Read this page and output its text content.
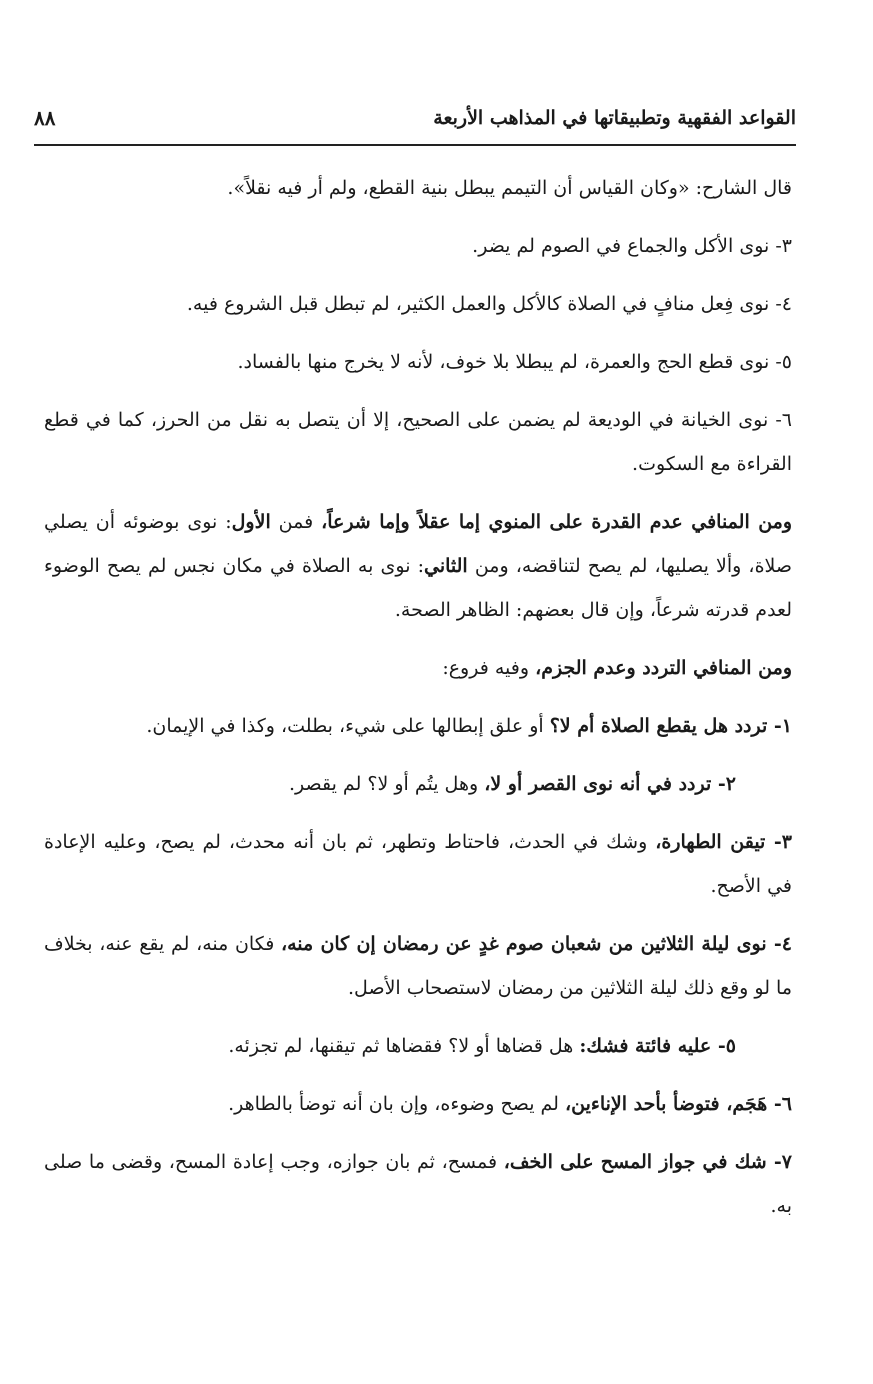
القواعد الفقهية وتطبيقاتها في المذاهب الأربعة
٨٨

قال الشارح: «وكان القياس أن التيمم يبطل بنية القطع، ولم أر فيه نقلاً».

٣- نوى الأكل والجماع في الصوم لم يضر.

٤- نوى فِعل منافٍ في الصلاة كالأكل والعمل الكثير، لم تبطل قبل الشروع فيه.

٥- نوى قطع الحج والعمرة، لم يبطلا بلا خوف، لأنه لا يخرج منها بالفساد.

٦- نوى الخيانة في الوديعة لم يضمن على الصحيح، إلا أن يتصل به نقل من الحرز، كما في قطع القراءة مع السكوت.

ومن المنافي عدم القدرة على المنوي إما عقلاً وإما شرعاً، فمن الأول: نوى بوضوئه أن يصلي صلاة، وألا يصليها، لم يصح لتناقضه، ومن الثاني: نوى به الصلاة في مكان نجس لم يصح الوضوء لعدم قدرته شرعاً، وإن قال بعضهم: الظاهر الصحة.

ومن المنافي التردد وعدم الجزم، وفيه فروع:

١- تردد هل يقطع الصلاة أم لا؟ أو علق إبطالها على شيء، بطلت، وكذا في الإيمان.

٢- تردد في أنه نوى القصر أو لا، وهل يتُم أو لا؟ لم يقصر.

٣- تيقن الطهارة، وشك في الحدث، فاحتاط وتطهر، ثم بان أنه محدث، لم يصح، وعليه الإعادة في الأصح.

٤- نوى ليلة الثلاثين من شعبان صوم غدٍ عن رمضان إن كان منه، فكان منه، لم يقع عنه، بخلاف ما لو وقع ذلك ليلة الثلاثين من رمضان لاستصحاب الأصل.

٥- عليه فائتة فشك: هل قضاها أو لا؟ فقضاها ثم تيقنها، لم تجزئه.

٦- هَجَم، فتوضأ بأحد الإناءين، لم يصح وضوءه، وإن بان أنه توضأ بالطاهر.

٧- شك في جواز المسح على الخف، فمسح، ثم بان جوازه، وجب إعادة المسح، وقضى ما صلى به.
